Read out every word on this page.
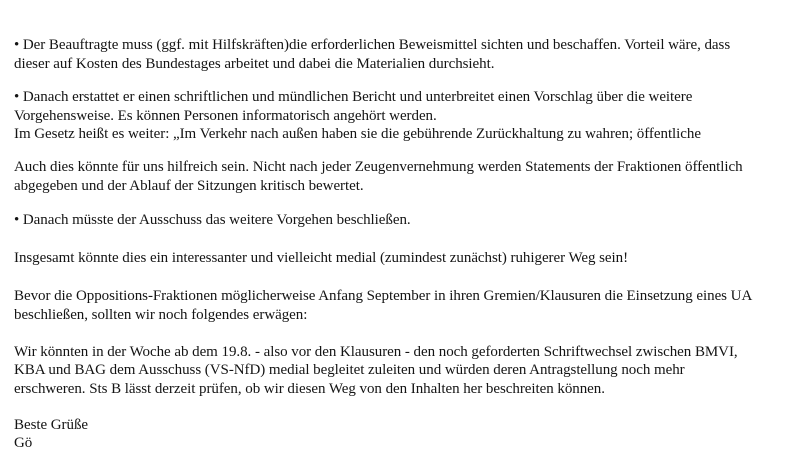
• Der Beauftragte muss (ggf. mit Hilfskräften)die erforderlichen Beweismittel sichten und beschaffen. Vorteil wäre, dass
dieser auf Kosten des Bundestages arbeitet und dabei die Materialien durchsieht.
• Danach erstattet er einen schriftlichen und mündlichen Bericht und unterbreitet einen Vorschlag über die weitere
Vorgehensweise. Es können Personen informatorisch angehört werden.
Im Gesetz heißt es weiter: „Im Verkehr nach außen haben sie die gebührende Zurückhaltung zu wahren; öffentliche
Auch dies könnte für uns hilfreich sein. Nicht nach jeder Zeugenvernehmung werden Statements der Fraktionen öffentlich
abgegeben und der Ablauf der Sitzungen kritisch bewertet.
• Danach müsste der Ausschuss das weitere Vorgehen beschließen.
Insgesamt könnte dies ein interessanter und vielleicht medial (zumindest zunächst) ruhigerer Weg sein!
Bevor die Oppositions-Fraktionen möglicherweise Anfang September in ihren Gremien/Klausuren die Einsetzung eines UA
beschließen, sollten wir noch folgendes erwägen:
Wir könnten in der Woche ab dem 19.8. - also vor den Klausuren - den noch geforderten Schriftwechsel zwischen BMVI,
KBA und BAG dem Ausschuss (VS-NfD) medial begleitet zuleiten und würden deren Antragstellung noch mehr
erschweren. Sts B lässt derzeit prüfen, ob wir diesen Weg von den Inhalten her beschreiten können.
Beste Grüße
Gö
